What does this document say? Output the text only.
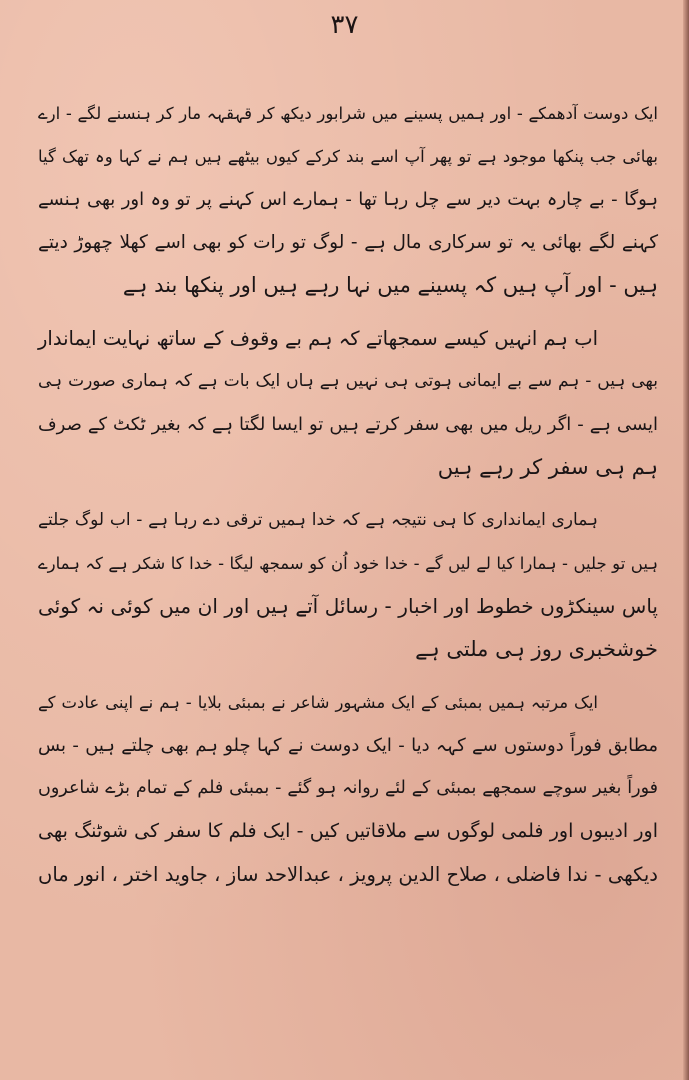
۳۷
ایک دوست آدھمکے - اور ہمیں پسینے میں شرابور دیکھ کر قہقہہ مار کر ہنسنے لگے - ارے
بھائی جب پنکھا موجود ہے تو پھر آپ اسے بند کرکے کیوں بیٹھے ہیں ہم نے کہا وہ تھک گیا
ہوگا - بے چارہ بہت دیر سے چل رہا تھا - ہمارے اس کہنے پر تو وہ اور بھی ہنسے
کہنے لگے بھائی یہ تو سرکاری مال ہے - لوگ تو رات کو بھی اسے کھلا چھوڑ دیتے
ہیں - اور آپ ہیں کہ پسینے میں نہا رہے ہیں اور پنکھا بند ہے
اب ہم انہیں کیسے سمجھاتے کہ ہم بے وقوف کے ساتھ نہایت ایماندار
بھی ہیں - ہم سے بے ایمانی ہوتی ہی نہیں ہے ہاں ایک بات ہے کہ ہماری صورت ہی
ایسی ہے - اگر ریل میں بھی سفر کرتے ہیں تو ایسا لگتا ہے کہ بغیر ٹکٹ کے صرف
ہم ہی سفر کر رہے ہیں
ہماری ایمانداری کا ہی نتیجہ ہے کہ خدا ہمیں ترقی دے رہا ہے - اب لوگ جلتے
ہیں تو جلیں - ہمارا کیا لے لیں گے - خدا خود اُن کو سمجھ لیگا - خدا کا شکر ہے کہ ہمارے
پاس سینکڑوں خطوط اور اخبار - رسائل آتے ہیں اور ان میں کوئی نہ کوئی
خوشخبری روز ہی ملتی ہے
ایک مرتبہ ہمیں بمبئی کے ایک مشہور شاعر نے بمبئی بلایا - ہم نے اپنی عادت کے
مطابق فوراً دوستوں سے کہہ دیا - ایک دوست نے کہا چلو ہم بھی چلتے ہیں - بس
فوراً بغیر سوچے سمجھے بمبئی کے لئے روانہ ہو گئے - بمبئی فلم کے تمام بڑے شاعروں
اور ادیبوں اور فلمی لوگوں سے ملاقاتیں کیں - ایک فلم کا سفر کی شوٹنگ بھی
دیکھی - ندا فاضلی ، صلاح الدین پرویز ، عبدالاحد ساز ، جاوید اختر ، انور ماں
